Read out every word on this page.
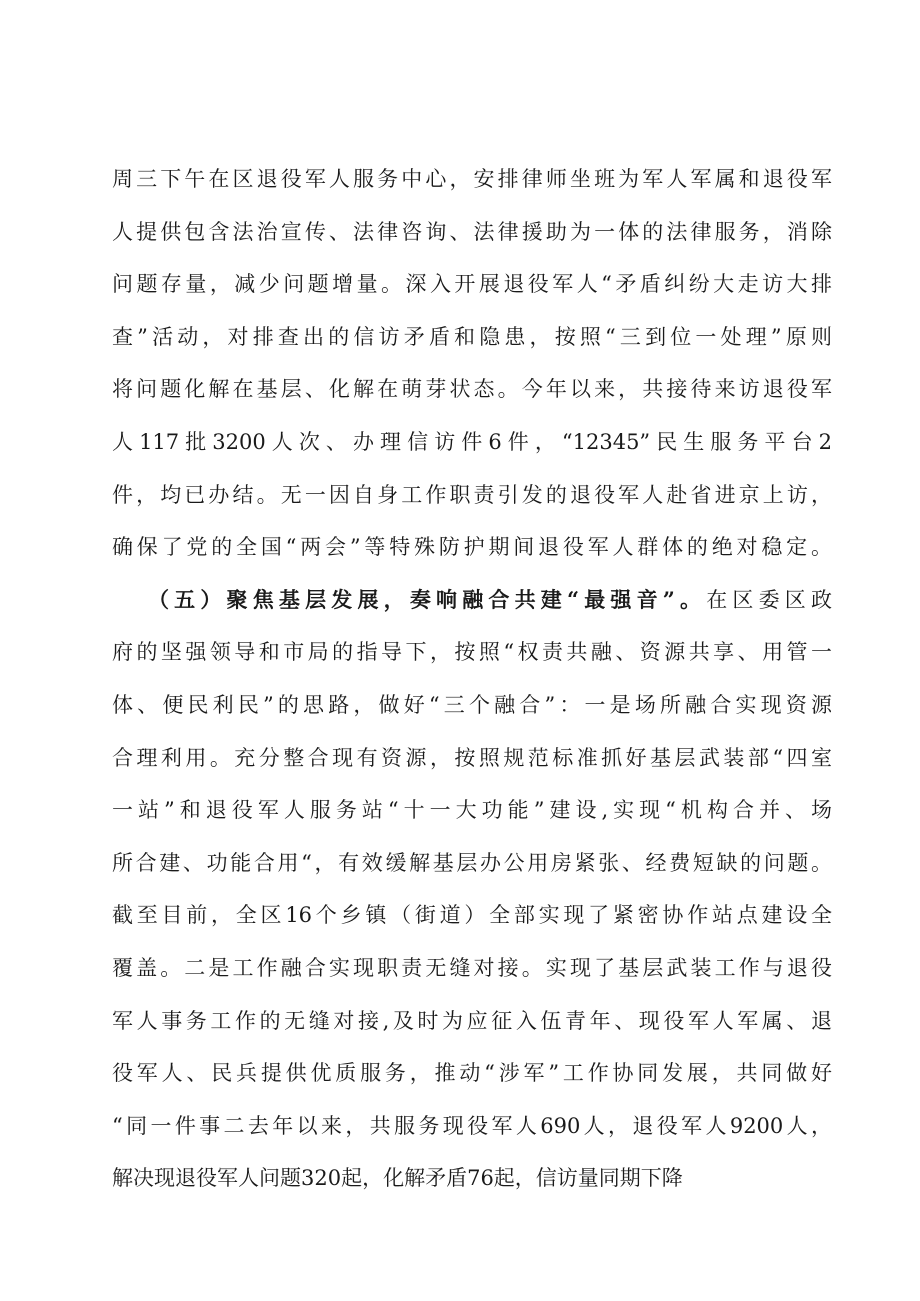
周三下午在区退役军人服务中心，安排律师坐班为军人军属和退役军
人提供包含法治宣传、法律咨询、法律援助为一体的法律服务，消除
问题存量，减少问题增量。深入开展退役军人“矛盾纠纷大走访大排
查”活动，对排查出的信访矛盾和隐患，按照“三到位一处理”原则
将问题化解在基层、化解在萌芽状态。今年以来，共接待来访退役军
人117批3200人次、办理信访件6件，“12345”民生服务平台2
件，均已办结。无一因自身工作职责引发的退役军人赴省进京上访，
确保了党的全国“两会”等特殊防护期间退役军人群体的绝对稳定。
（五）聚焦基层发展，奏响融合共建“最强音”。在区委区政
府的坚强领导和市局的指导下，按照“权责共融、资源共享、用管一
体、便民利民”的思路，做好“三个融合”：一是场所融合实现资源
合理利用。充分整合现有资源，按照规范标准抓好基层武装部“四室
一站”和退役军人服务站“十一大功能”建设,实现“机构合并、场
所合建、功能合用“，有效缓解基层办公用房紧张、经费短缺的问题。
截至目前，全区16个乡镇（街道）全部实现了紧密协作站点建设全
覆盖。二是工作融合实现职责无缝对接。实现了基层武装工作与退役
军人事务工作的无缝对接,及时为应征入伍青年、现役军人军属、退
役军人、民兵提供优质服务，推动“涉军”工作协同发展，共同做好
“同一件事二去年以来，共服务现役军人690人，退役军人9200人，
解决现退役军人问题320起，化解矛盾76起，信访量同期下降
